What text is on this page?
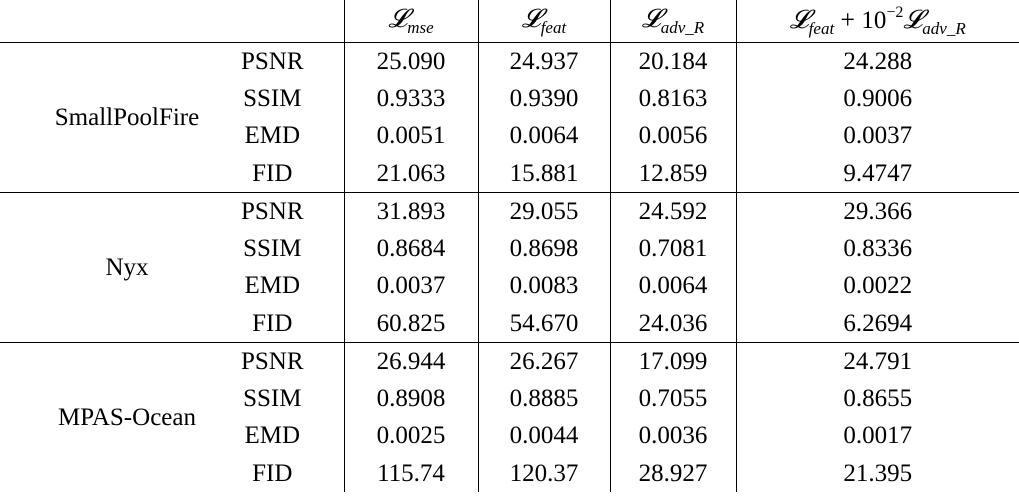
		𝓛$_{mse}$	𝓛$_{feat}$	𝓛$_{adv\_R}$	𝓛$_{feat}$ + $10^{-2}𝓛_{adv\_R}$
SmallPoolFire	PSNR	25.090	24.937	20.184	24.288
	SSIM	0.9333	0.9390	0.8163	0.9006
	EMD	0.0051	0.0064	0.0056	0.0037
	FID	21.063	15.881	12.859	9.4747
Nyx	PSNR	31.893	29.055	24.592	29.366
	SSIM	0.8684	0.8698	0.7081	0.8336
	EMD	0.0037	0.0083	0.0064	0.0022
	FID	60.825	54.670	24.036	6.2694
MPAS-Ocean	PSNR	26.944	26.267	17.099	24.791
	SSIM	0.8908	0.8885	0.7055	0.8655
	EMD	0.0025	0.0044	0.0036	0.0017
	FID	115.74	120.37	28.927	21.395
